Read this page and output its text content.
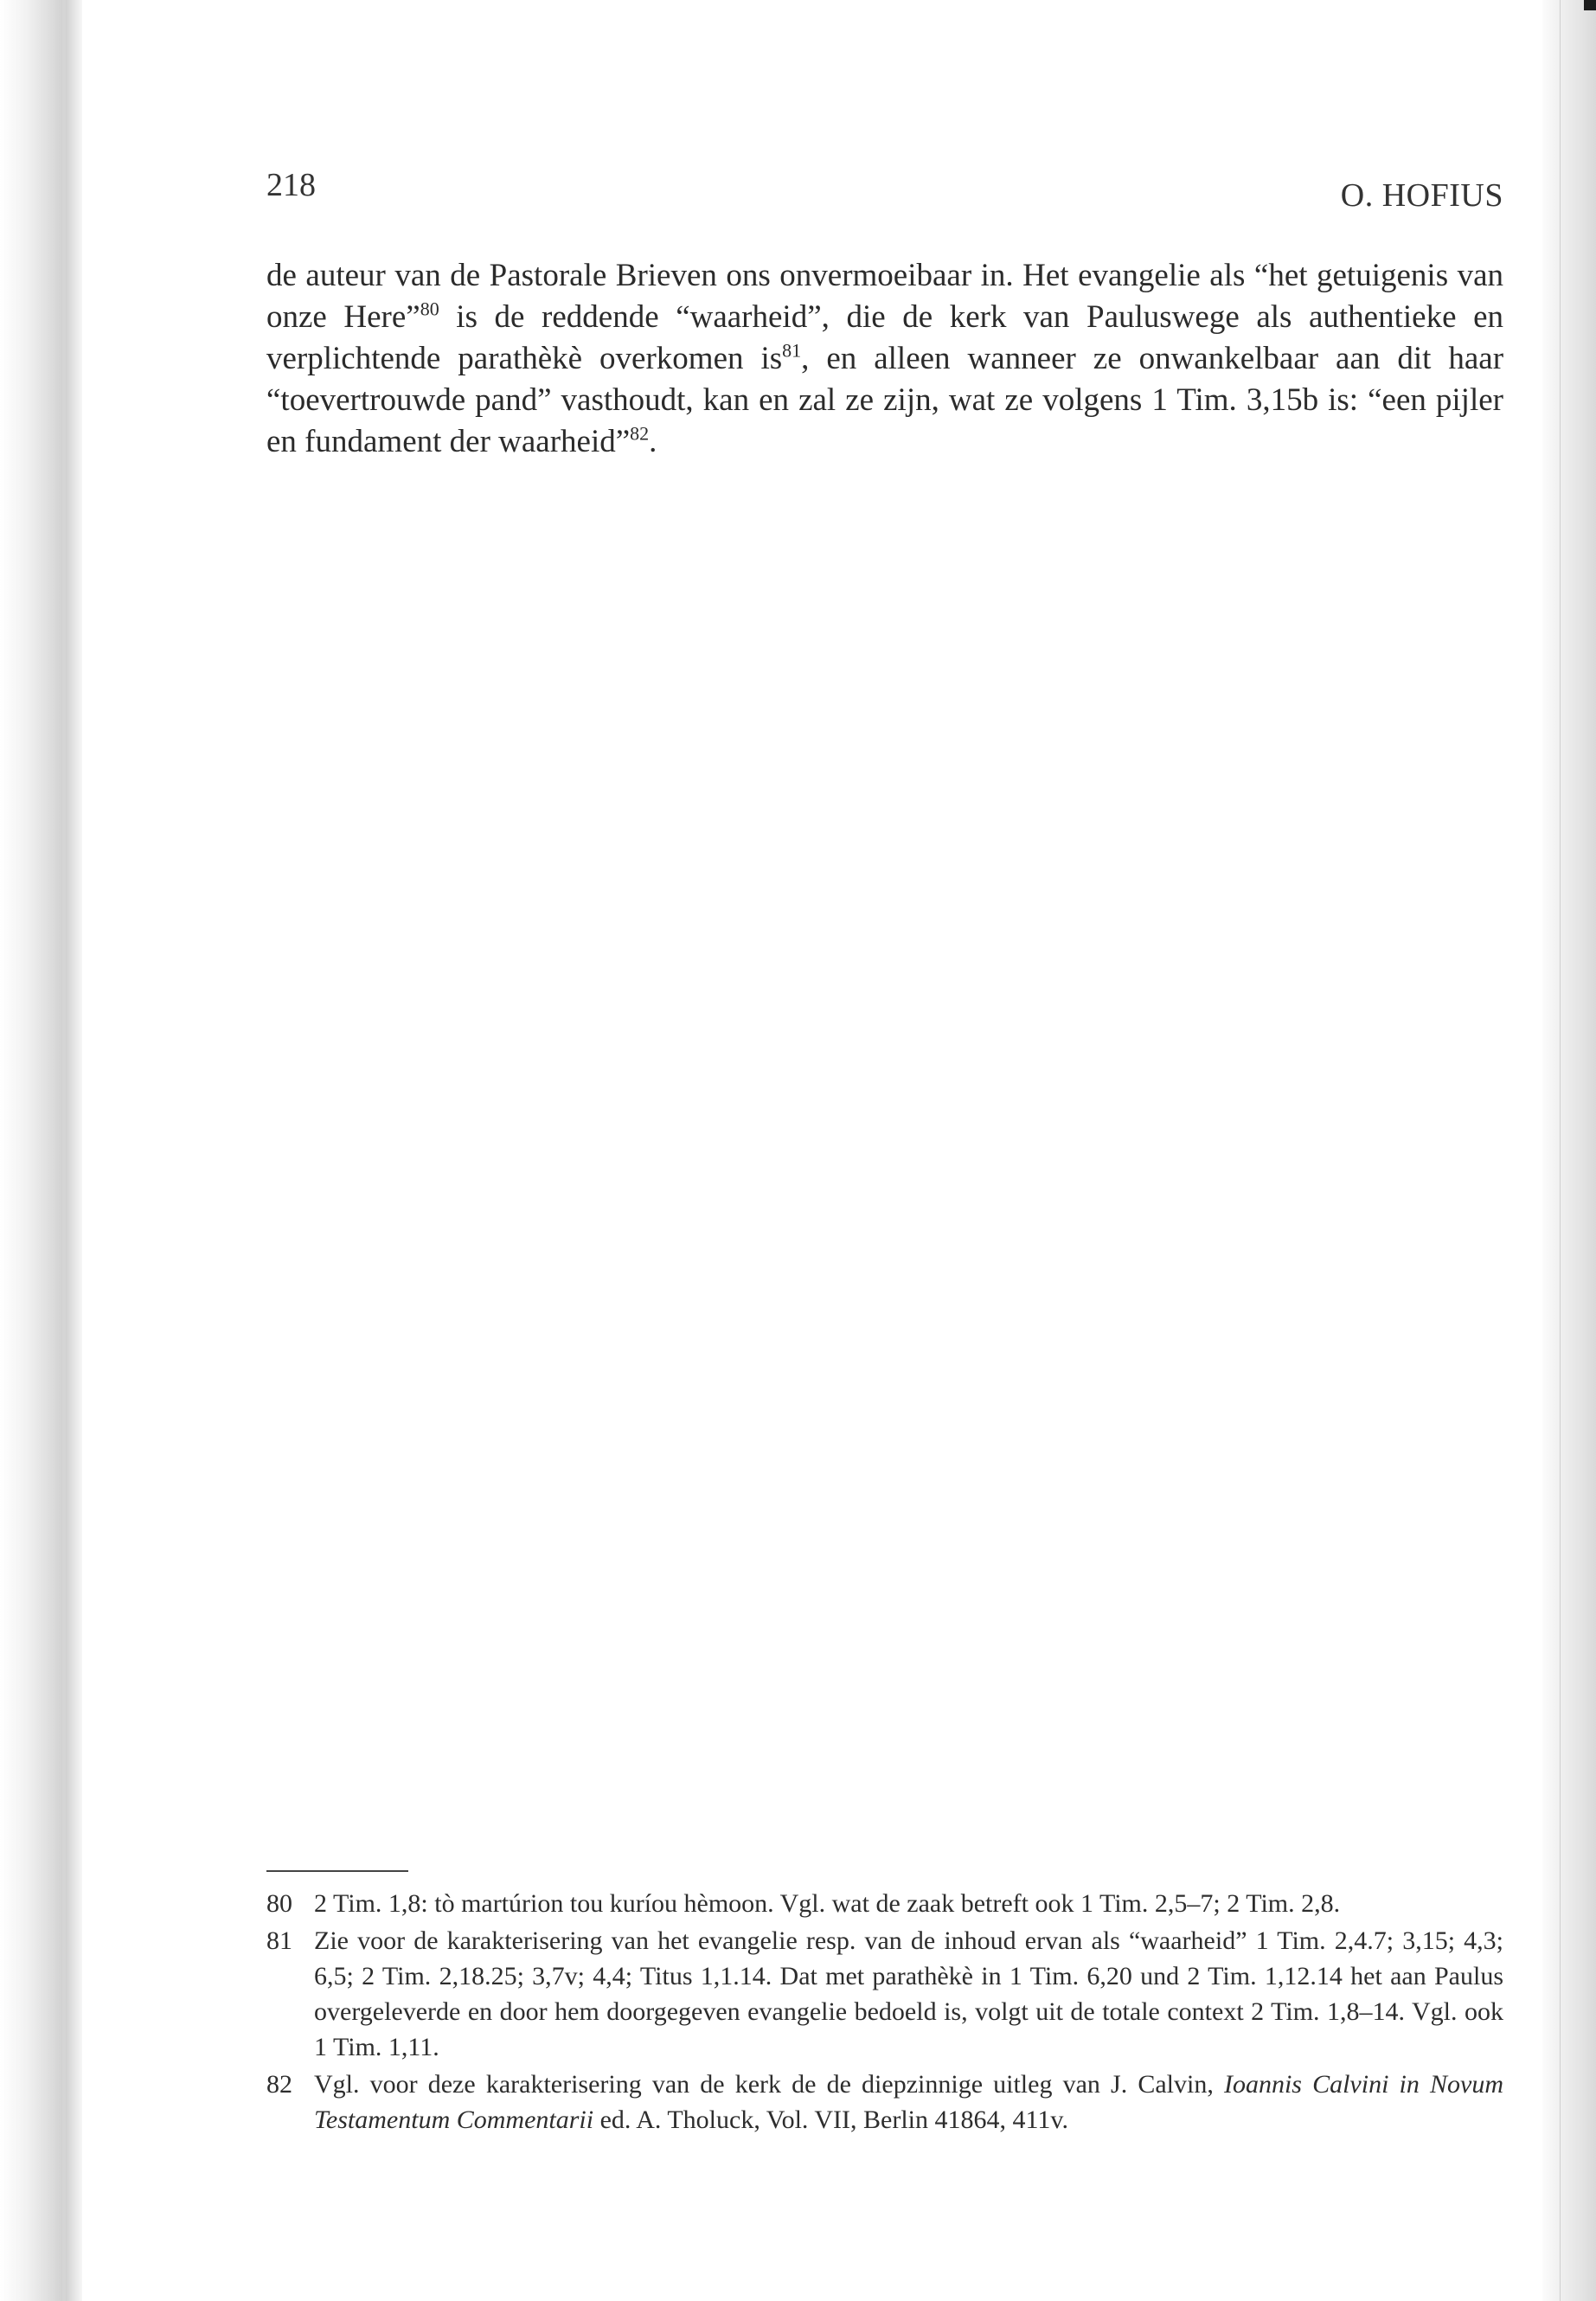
218	O. HOFIUS

de auteur van de Pastorale Brieven ons onvermoeibaar in. Het evangelie als “het getuigenis van onze Here”$^{80}$ is de reddende “waarheid”, die de kerk van Pauluswege als authentieke en verplichtende parathèkè overkomen $is^{81}$, en alleen wanneer ze onwankelbaar aan dit haar “toevertrouwde pand” vasthoudt, kan en zal ze zijn, wat ze volgens 1 Tim. 3,15b is: “een pijler en fundament der waarheid”$^{82}$.

80 2 Tim. 1,8: tò martúrion tou kuríou hèmoon. Vgl. wat de zaak betreft ook 1 Tim. 2,5–7; 2 Tim. 2,8.
81 Zie voor de karakterisering van het evangelie resp. van de inhoud ervan als “waarheid” 1 Tim. 2,4.7; 3,15; 4,3; 6,5; 2 Tim. 2,18.25; 3,7v; 4,4; Titus 1,1.14. Dat met parathèkè in 1 Tim. 6,20 und 2 Tim. 1,12.14 het aan Paulus overgeleverde en door hem doorgegeven evangelie bedoeld is, volgt uit de totale context 2 Tim. 1,8–14. Vgl. ook 1 Tim. 1,11.
82 Vgl. voor deze karakterisering van de kerk de de diepzinnige uitleg van J. Calvin, Ioannis Calvini in Novum Testamentum Commentarii ed. A. Tholuck, Vol. VII, Berlin 41864, 411v.
